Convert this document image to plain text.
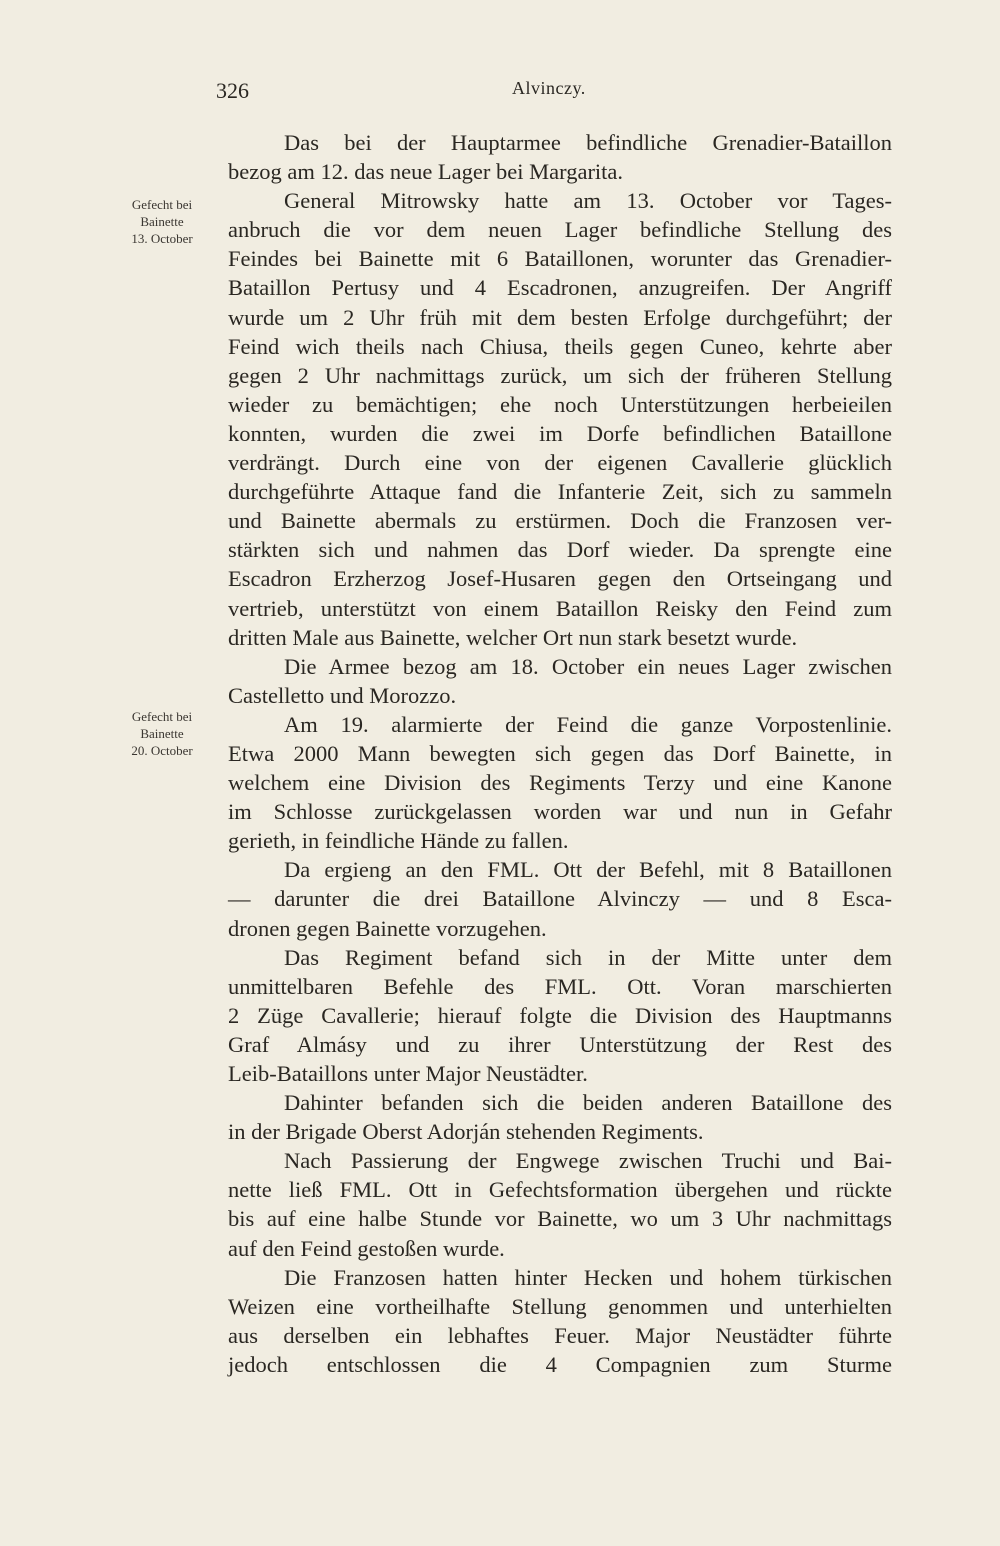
326	Alvinczy.
Gefecht bei
Bainette
13. October
Gefecht bei
Bainette
20. October
Das bei der Hauptarmee befindliche Grenadier-Bataillon
bezog am 12. das neue Lager bei Margarita.
General Mitrowsky hatte am 13. October vor Tages-
anbruch die vor dem neuen Lager befindliche Stellung des
Feindes bei Bainette mit 6 Bataillonen, worunter das Grenadier-
Bataillon Pertusy und 4 Escadronen, anzugreifen. Der Angriff
wurde um 2 Uhr früh mit dem besten Erfolge durchgeführt; der
Feind wich theils nach Chiusa, theils gegen Cuneo, kehrte aber
gegen 2 Uhr nachmittags zurück, um sich der früheren Stellung
wieder zu bemächtigen; ehe noch Unterstützungen herbeieilen
konnten, wurden die zwei im Dorfe befindlichen Bataillone
verdrängt. Durch eine von der eigenen Cavallerie glücklich
durchgeführte Attaque fand die Infanterie Zeit, sich zu sammeln
und Bainette abermals zu erstürmen. Doch die Franzosen ver-
stärkten sich und nahmen das Dorf wieder. Da sprengte eine
Escadron Erzherzog Josef-Husaren gegen den Ortseingang und
vertrieb, unterstützt von einem Bataillon Reisky den Feind zum
dritten Male aus Bainette, welcher Ort nun stark besetzt wurde.
Die Armee bezog am 18. October ein neues Lager zwischen
Castelletto und Morozzo.
Am 19. alarmierte der Feind die ganze Vorpostenlinie.
Etwa 2000 Mann bewegten sich gegen das Dorf Bainette, in
welchem eine Division des Regiments Terzy und eine Kanone
im Schlosse zurückgelassen worden war und nun in Gefahr
gerieth, in feindliche Hände zu fallen.
Da ergieng an den FML. Ott der Befehl, mit 8 Bataillonen
— darunter die drei Bataillone Alvinczy — und 8 Esca-
dronen gegen Bainette vorzugehen.
Das Regiment befand sich in der Mitte unter dem
unmittelbaren Befehle des FML. Ott. Voran marschierten
2 Züge Cavallerie; hierauf folgte die Division des Hauptmanns
Graf Almásy und zu ihrer Unterstützung der Rest des
Leib-Bataillons unter Major Neustädter.
Dahinter befanden sich die beiden anderen Bataillone des
in der Brigade Oberst Adorján stehenden Regiments.
Nach Passierung der Engwege zwischen Truchi und Bai-
nette ließ FML. Ott in Gefechtsformation übergehen und rückte
bis auf eine halbe Stunde vor Bainette, wo um 3 Uhr nachmittags
auf den Feind gestoßen wurde.
Die Franzosen hatten hinter Hecken und hohem türkischen
Weizen eine vortheilhafte Stellung genommen und unterhielten
aus derselben ein lebhaftes Feuer. Major Neustädter führte
jedoch entschlossen die 4 Compagnien zum Sturme
